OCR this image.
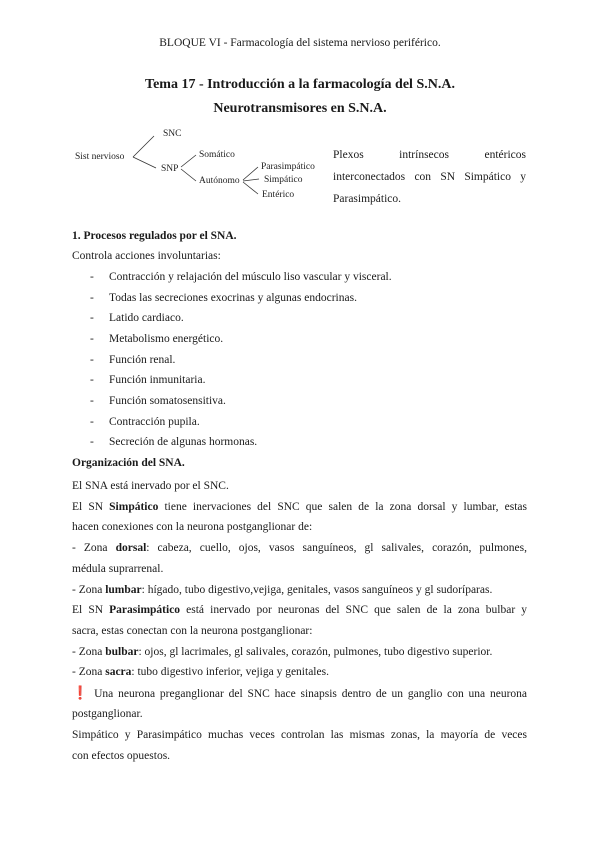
BLOQUE VI - Farmacología del sistema nervioso periférico.
Tema 17 - Introducción a la farmacología del S.N.A.
Neurotransmisores en S.N.A.
Sist nervioso
SNC
SNP
Somático
Autónomo
Parasimpático
Simpático
Entérico
Plexos intrínsecos entéricos interconectados con SN Simpático y Parasimpático.
1. Procesos regulados por el SNA.
Controla acciones involuntarias:
- Contracción y relajación del músculo liso vascular y visceral.
- Todas las secreciones exocrinas y algunas endocrinas.
- Latido cardiaco.
- Metabolismo energético.
- Función renal.
- Función inmunitaria.
- Función somatosensitiva.
- Contracción pupila.
- Secreción de algunas hormonas.
Organización del SNA.
El SNA está inervado por el SNC.
El SN Simpático tiene inervaciones del SNC que salen de la zona dorsal y lumbar, estas
hacen conexiones con la neurona postganglionar de:
- Zona dorsal: cabeza, cuello, ojos, vasos sanguíneos, gl salivales, corazón, pulmones,
médula suprarrenal.
- Zona lumbar: hígado, tubo digestivo,vejiga, genitales, vasos sanguíneos y gl sudoríparas.
El SN Parasimpático está inervado por neuronas del SNC que salen de la zona bulbar y
sacra, estas conectan con la neurona postganglionar:
- Zona bulbar: ojos, gl lacrimales, gl salivales, corazón, pulmones, tubo digestivo superior.
- Zona sacra: tubo digestivo inferior, vejiga y genitales.
❗ Una neurona preganglionar del SNC hace sinapsis dentro de un ganglio con una neurona
postganglionar.
Simpático y Parasimpático muchas veces controlan las mismas zonas, la mayoría de veces
con efectos opuestos.
